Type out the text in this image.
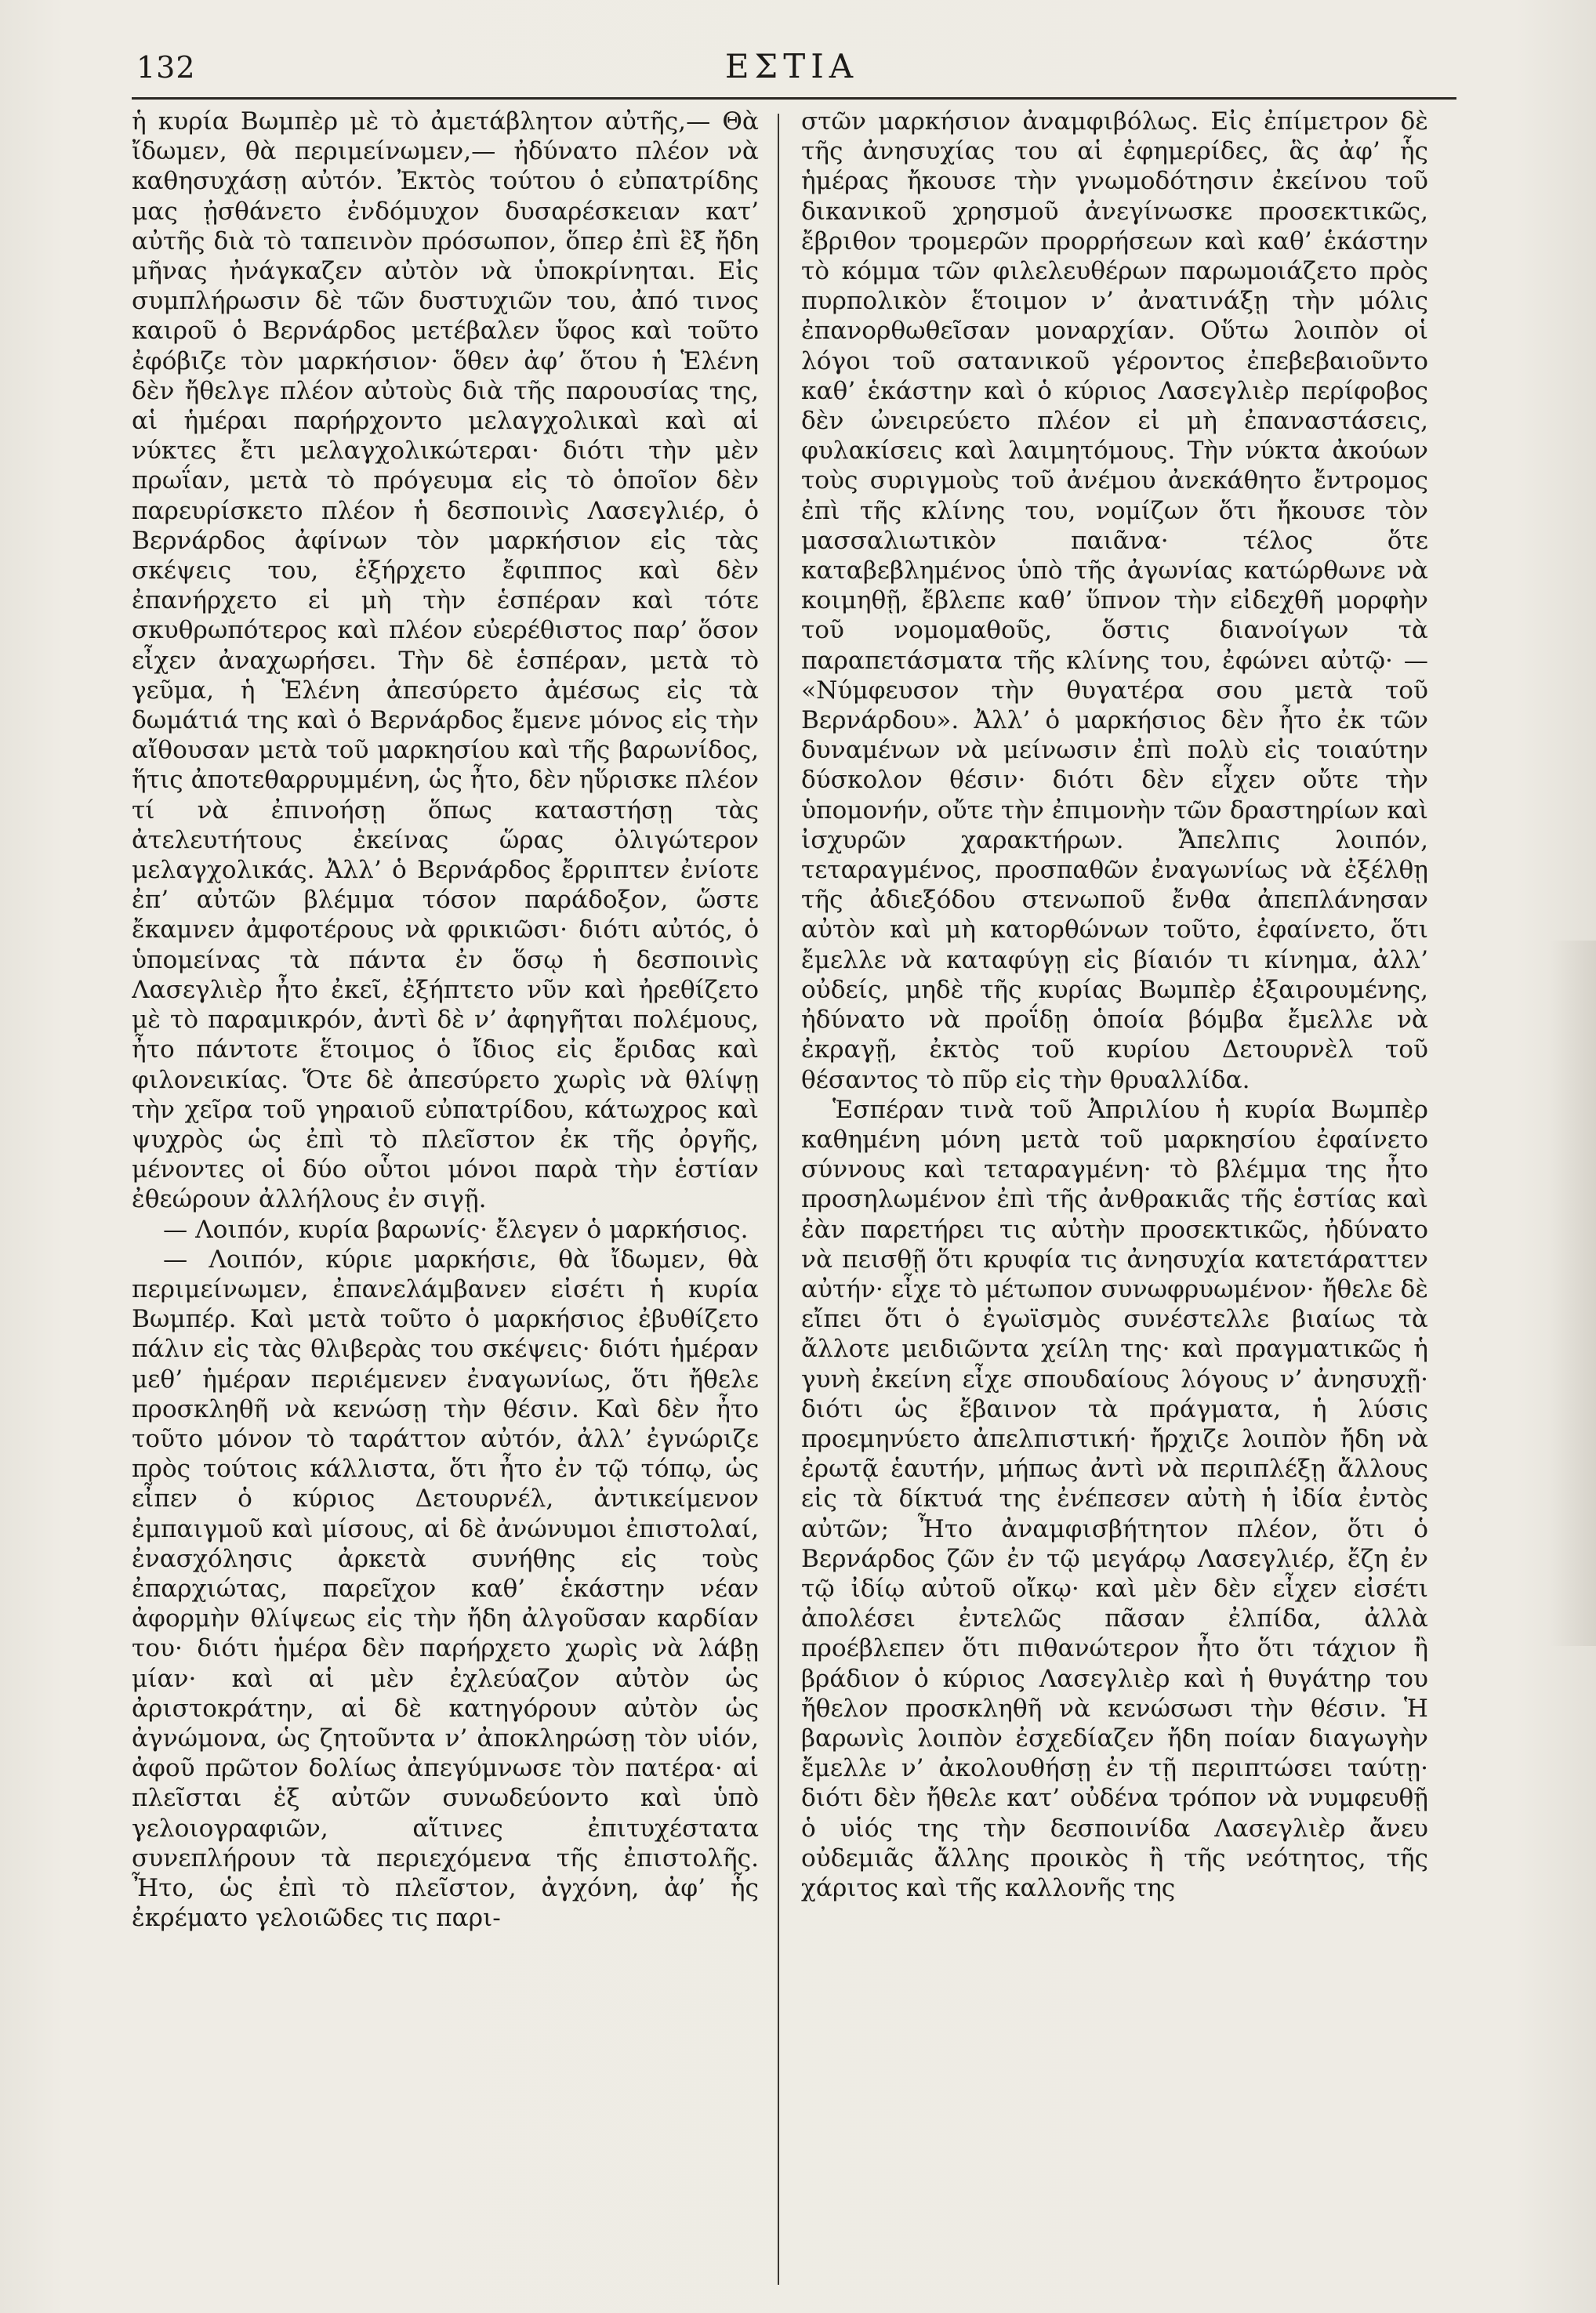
132	ΕΣΤΙΑ

ἡ κυρία Βωμπὲρ μὲ τὸ ἀμετάβλητον αὐτῆς,— Θὰ ἴδωμεν, θὰ περιμείνωμεν,— ἠδύνατο πλέον νὰ καθησυχάσῃ αὐτόν. Ἐκτὸς τούτου ὁ εὐπατρίδης μας ᾐσθάνετο ἐνδόμυχον δυσαρέσκειαν κατ’ αὐτῆς διὰ τὸ ταπεινὸν πρόσωπον, ὅπερ ἐπὶ ἓξ ἤδη μῆνας ἠνάγκαζεν αὐτὸν νὰ ὑποκρίνηται. Εἰς συμπλήρωσιν δὲ τῶν δυστυχιῶν του, ἀπό τινος καιροῦ ὁ Βερνάρδος μετέβαλεν ὕφος καὶ τοῦτο ἐφόβιζε τὸν μαρκήσιον· ὅθεν ἀφ’ ὅτου ἡ Ἑλένη δὲν ἤθελγε πλέον αὐτοὺς διὰ τῆς παρουσίας της, αἱ ἡμέραι παρήρχοντο μελαγχολικαὶ καὶ αἱ νύκτες ἔτι μελαγχολικώτεραι· διότι τὴν μὲν πρωΐαν, μετὰ τὸ πρόγευμα εἰς τὸ ὁποῖον δὲν παρευρίσκετο πλέον ἡ δεσποινὶς Λασεγλιέρ, ὁ Βερνάρδος ἀφίνων τὸν μαρκήσιον εἰς τὰς σκέψεις του, ἐξήρχετο ἔφιππος καὶ δὲν ἐπανήρχετο εἰ μὴ τὴν ἑσπέραν καὶ τότε σκυθρωπότερος καὶ πλέον εὐερέθιστος παρ’ ὅσον εἶχεν ἀναχωρήσει. Τὴν δὲ ἑσπέραν, μετὰ τὸ γεῦμα, ἡ Ἑλένη ἀπεσύρετο ἀμέσως εἰς τὰ δωμάτιά της καὶ ὁ Βερνάρδος ἔμενε μόνος εἰς τὴν αἴθουσαν μετὰ τοῦ μαρκησίου καὶ τῆς βαρωνίδος, ἥτις ἀποτεθαρρυμμένη, ὡς ἦτο, δὲν ηὕρισκε πλέον τί νὰ ἐπινοήσῃ ὅπως καταστήσῃ τὰς ἀτελευτήτους ἐκείνας ὥρας ὀλιγώτερον μελαγχολικάς. Ἀλλ’ ὁ Βερνάρδος ἔρριπτεν ἐνίοτε ἐπ’ αὐτῶν βλέμμα τόσον παράδοξον, ὥστε ἔκαμνεν ἀμφοτέρους νὰ φρικιῶσι· διότι αὐτός, ὁ ὑπομείνας τὰ πάντα ἐν ὅσῳ ἡ δεσποινὶς Λασεγλιὲρ ἦτο ἐκεῖ, ἐξήπτετο νῦν καὶ ἠρεθίζετο μὲ τὸ παραμικρόν, ἀντὶ δὲ ν’ ἀφηγῆται πολέμους, ἦτο πάντοτε ἕτοιμος ὁ ἴδιος εἰς ἔριδας καὶ φιλονεικίας. Ὅτε δὲ ἀπεσύρετο χωρὶς νὰ θλίψῃ τὴν χεῖρα τοῦ γηραιοῦ εὐπατρίδου, κάτωχρος καὶ ψυχρὸς ὡς ἐπὶ τὸ πλεῖστον ἐκ τῆς ὀργῆς, μένοντες οἱ δύο οὗτοι μόνοι παρὰ τὴν ἑστίαν ἐθεώρουν ἀλλήλους ἐν σιγῇ.

— Λοιπόν, κυρία βαρωνίς· ἔλεγεν ὁ μαρκήσιος.

— Λοιπόν, κύριε μαρκήσιε, θὰ ἴδωμεν, θὰ περιμείνωμεν, ἐπανελάμβανεν εἰσέτι ἡ κυρία Βωμπέρ. Καὶ μετὰ τοῦτο ὁ μαρκήσιος ἐβυθίζετο πάλιν εἰς τὰς θλιβερὰς του σκέψεις· διότι ἡμέραν μεθ’ ἡμέραν περιέμενεν ἐναγωνίως, ὅτι ἤθελε προσκληθῆ νὰ κενώσῃ τὴν θέσιν. Καὶ δὲν ἦτο τοῦτο μόνον τὸ ταράττον αὐτόν, ἀλλ’ ἐγνώριζε πρὸς τούτοις κάλλιστα, ὅτι ἦτο ἐν τῷ τόπῳ, ὡς εἶπεν ὁ κύριος Δετουρνέλ, ἀντικείμενον ἐμπαιγμοῦ καὶ μίσους, αἱ δὲ ἀνώνυμοι ἐπιστολαί, ἐνασχόλησις ἀρκετὰ συνήθης εἰς τοὺς ἐπαρχιώτας, παρεῖχον καθ’ ἑκάστην νέαν ἀφορμὴν θλίψεως εἰς τὴν ἤδη ἀλγοῦσαν καρδίαν του· διότι ἡμέρα δὲν παρήρχετο χωρὶς νὰ λάβῃ μίαν· καὶ αἱ μὲν ἐχλεύαζον αὐτὸν ὡς ἀριστοκράτην, αἱ δὲ κατηγόρουν αὐτὸν ὡς ἀγνώμονα, ὡς ζητοῦντα ν’ ἀποκληρώσῃ τὸν υἱόν, ἀφοῦ πρῶτον δολίως ἀπεγύμνωσε τὸν πατέρα· αἱ πλεῖσται ἐξ αὐτῶν συνωδεύοντο καὶ ὑπὸ γελοιογραφιῶν, αἵτινες ἐπιτυχέστατα συνεπλήρουν τὰ περιεχόμενα τῆς ἐπιστολῆς. Ἦτο, ὡς ἐπὶ τὸ πλεῖστον, ἀγχόνη, ἀφ’ ἧς ἐκρέματο γελοιῶδες τις παρι-

στῶν μαρκήσιον ἀναμφιβόλως. Εἰς ἐπίμετρον δὲ τῆς ἀνησυχίας του αἱ ἐφημερίδες, ἃς ἀφ’ ἧς ἡμέρας ἤκουσε τὴν γνωμοδότησιν ἐκείνου τοῦ δικανικοῦ χρησμοῦ ἀνεγίνωσκε προσεκτικῶς, ἔβριθον τρομερῶν προρρήσεων καὶ καθ’ ἑκάστην τὸ κόμμα τῶν φιλελευθέρων παρωμοιάζετο πρὸς πυρπολικὸν ἕτοιμον ν’ ἀνατινάξῃ τὴν μόλις ἐπανορθωθεῖσαν μοναρχίαν. Οὕτω λοιπὸν οἱ λόγοι τοῦ σατανικοῦ γέροντος ἐπεβεβαιοῦντο καθ’ ἑκάστην καὶ ὁ κύριος Λασεγλιὲρ περίφοβος δὲν ὠνειρεύετο πλέον εἰ μὴ ἐπαναστάσεις, φυλακίσεις καὶ λαιμητόμους. Τὴν νύκτα ἀκούων τοὺς συριγμοὺς τοῦ ἀνέμου ἀνεκάθητο ἔντρομος ἐπὶ τῆς κλίνης του, νομίζων ὅτι ἤκουσε τὸν μασσαλιωτικὸν παιᾶνα· τέλος ὅτε καταβεβλημένος ὑπὸ τῆς ἀγωνίας κατώρθωνε νὰ κοιμηθῇ, ἔβλεπε καθ’ ὕπνον τὴν εἰδεχθῆ μορφὴν τοῦ νομομαθοῦς, ὅστις διανοίγων τὰ παραπετάσματα τῆς κλίνης του, ἐφώνει αὐτῷ· — «Νύμφευσον τὴν θυγατέρα σου μετὰ τοῦ Βερνάρδου». Ἀλλ’ ὁ μαρκήσιος δὲν ἦτο ἐκ τῶν δυναμένων νὰ μείνωσιν ἐπὶ πολὺ εἰς τοιαύτην δύσκολον θέσιν· διότι δὲν εἶχεν οὔτε τὴν ὑπομονήν, οὔτε τὴν ἐπιμονὴν τῶν δραστηρίων καὶ ἰσχυρῶν χαρακτήρων. Ἄπελπις λοιπόν, τεταραγμένος, προσπαθῶν ἐναγωνίως νὰ ἐξέλθῃ τῆς ἀδιεξόδου στενωποῦ ἔνθα ἀπεπλάνησαν αὐτὸν καὶ μὴ κατορθώνων τοῦτο, ἐφαίνετο, ὅτι ἔμελλε νὰ καταφύγῃ εἰς βίαιόν τι κίνημα, ἀλλ’ οὐδείς, μηδὲ τῆς κυρίας Βωμπὲρ ἐξαιρουμένης, ἠδύνατο νὰ προΐδῃ ὁποία βόμβα ἔμελλε νὰ ἐκραγῇ, ἐκτὸς τοῦ κυρίου Δετουρνὲλ τοῦ θέσαντος τὸ πῦρ εἰς τὴν θρυαλλίδα.

Ἑσπέραν τινὰ τοῦ Ἀπριλίου ἡ κυρία Βωμπὲρ καθημένη μόνη μετὰ τοῦ μαρκησίου ἐφαίνετο σύννους καὶ τεταραγμένη· τὸ βλέμμα της ἦτο προσηλωμένον ἐπὶ τῆς ἀνθρακιᾶς τῆς ἑστίας καὶ ἐὰν παρετήρει τις αὐτὴν προσεκτικῶς, ἠδύνατο νὰ πεισθῇ ὅτι κρυφία τις ἀνησυχία κατετάραττεν αὐτήν· εἶχε τὸ μέτωπον συνωφρυωμένον· ἤθελε δὲ εἴπει ὅτι ὁ ἐγωϊσμὸς συνέστελλε βιαίως τὰ ἄλλοτε μειδιῶντα χείλη της· καὶ πραγματικῶς ἡ γυνὴ ἐκείνη εἶχε σπουδαίους λόγους ν’ ἀνησυχῇ· διότι ὡς ἔβαινον τὰ πράγματα, ἡ λύσις προεμηνύετο ἀπελπιστική· ἤρχιζε λοιπὸν ἤδη νὰ ἐρωτᾷ ἑαυτήν, μήπως ἀντὶ νὰ περιπλέξῃ ἄλλους εἰς τὰ δίκτυά της ἐνέπεσεν αὐτὴ ἡ ἰδία ἐντὸς αὐτῶν; Ἦτο ἀναμφισβήτητον πλέον, ὅτι ὁ Βερνάρδος ζῶν ἐν τῷ μεγάρῳ Λασεγλιέρ, ἔζη ἐν τῷ ἰδίῳ αὐτοῦ οἴκῳ· καὶ μὲν δὲν εἶχεν εἰσέτι ἀπολέσει ἐντελῶς πᾶσαν ἐλπίδα, ἀλλὰ προέβλεπεν ὅτι πιθανώτερον ἦτο ὅτι τάχιον ἢ βράδιον ὁ κύριος Λασεγλιὲρ καὶ ἡ θυγάτηρ του ἤθελον προσκληθῆ νὰ κενώσωσι τὴν θέσιν. Ἡ βαρωνὶς λοιπὸν ἐσχεδίαζεν ἤδη ποίαν διαγωγὴν ἔμελλε ν’ ἀκολουθήσῃ ἐν τῇ περιπτώσει ταύτῃ· διότι δὲν ἤθελε κατ’ οὐδένα τρόπον νὰ νυμφευθῇ ὁ υἱός της τὴν δεσποινίδα Λασεγλιὲρ ἄνευ οὐδεμιᾶς ἄλλης προικὸς ἢ τῆς νεότητος, τῆς χάριτος καὶ τῆς καλλονῆς της
